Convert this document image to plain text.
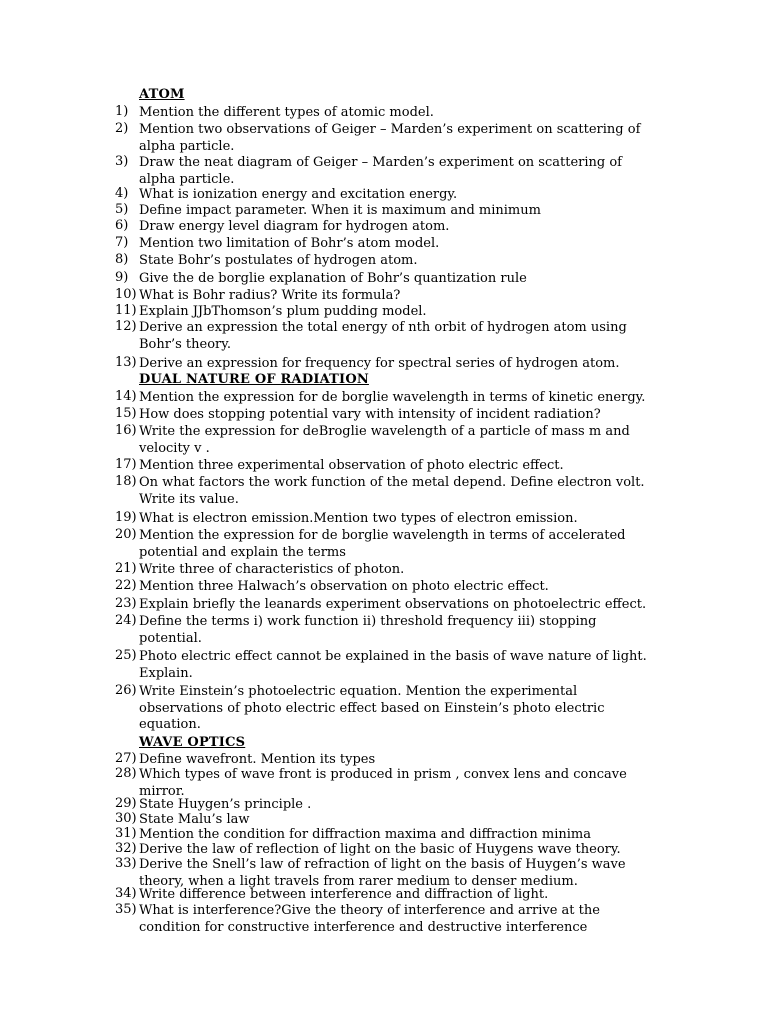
ATOM
1) Mention the different types of atomic model.
2) Mention two observations of Geiger – Marden’s experiment on scattering of
alpha particle.
3) Draw the neat diagram of Geiger – Marden’s experiment on scattering of
alpha particle.
4) What is ionization energy and excitation energy.
5) Define impact parameter. When it is maximum and minimum
6) Draw energy level diagram for hydrogen atom.
7) Mention two limitation of Bohr’s atom model.
8) State Bohr’s postulates of hydrogen atom.
9) Give the de borglie explanation of Bohr’s quantization rule
10) What is Bohr radius? Write its formula?
11) Explain JJbThomson’s plum pudding model.
12) Derive an expression the total energy of nth orbit of hydrogen atom using
Bohr’s theory.
13) Derive an expression for frequency for spectral series of hydrogen atom.
DUAL NATURE OF RADIATION
14) Mention the expression for de borglie wavelength in terms of kinetic energy.
15) How does stopping potential vary with intensity of incident radiation?
16) Write the expression for deBroglie wavelength of a particle of mass m and
velocity v .
17) Mention three experimental observation of photo electric effect.
18) On what factors the work function of the metal depend. Define electron volt.
Write its value.
19) What is electron emission.Mention two types of electron emission.
20) Mention the expression for de borglie wavelength in terms of accelerated
potential and explain the terms
21) Write three of characteristics of photon.
22) Mention three Halwach’s observation on photo electric effect.
23) Explain briefly the leanards experiment observations on photoelectric effect.
24) Define the terms i) work function ii) threshold frequency iii) stopping
potential.
25) Photo electric effect cannot be explained in the basis of wave nature of light.
Explain.
26) Write Einstein’s photoelectric equation. Mention the experimental
observations of photo electric effect based on Einstein’s photo electric
equation.
WAVE OPTICS
27) Define wavefront. Mention its types
28) Which types of wave front is produced in prism , convex lens and concave
mirror.
29) State Huygen’s principle .
30) State Malu’s law
31) Mention the condition for diffraction maxima and diffraction minima
32) Derive the law of reflection of light on the basic of Huygens wave theory.
33) Derive the Snell’s law of refraction of light on the basis of Huygen’s wave
theory, when a light travels from rarer medium to denser medium.
34) Write difference between interference and diffraction of light.
35) What is interference?Give the theory of interference and arrive at the
condition for constructive interference and destructive interference
